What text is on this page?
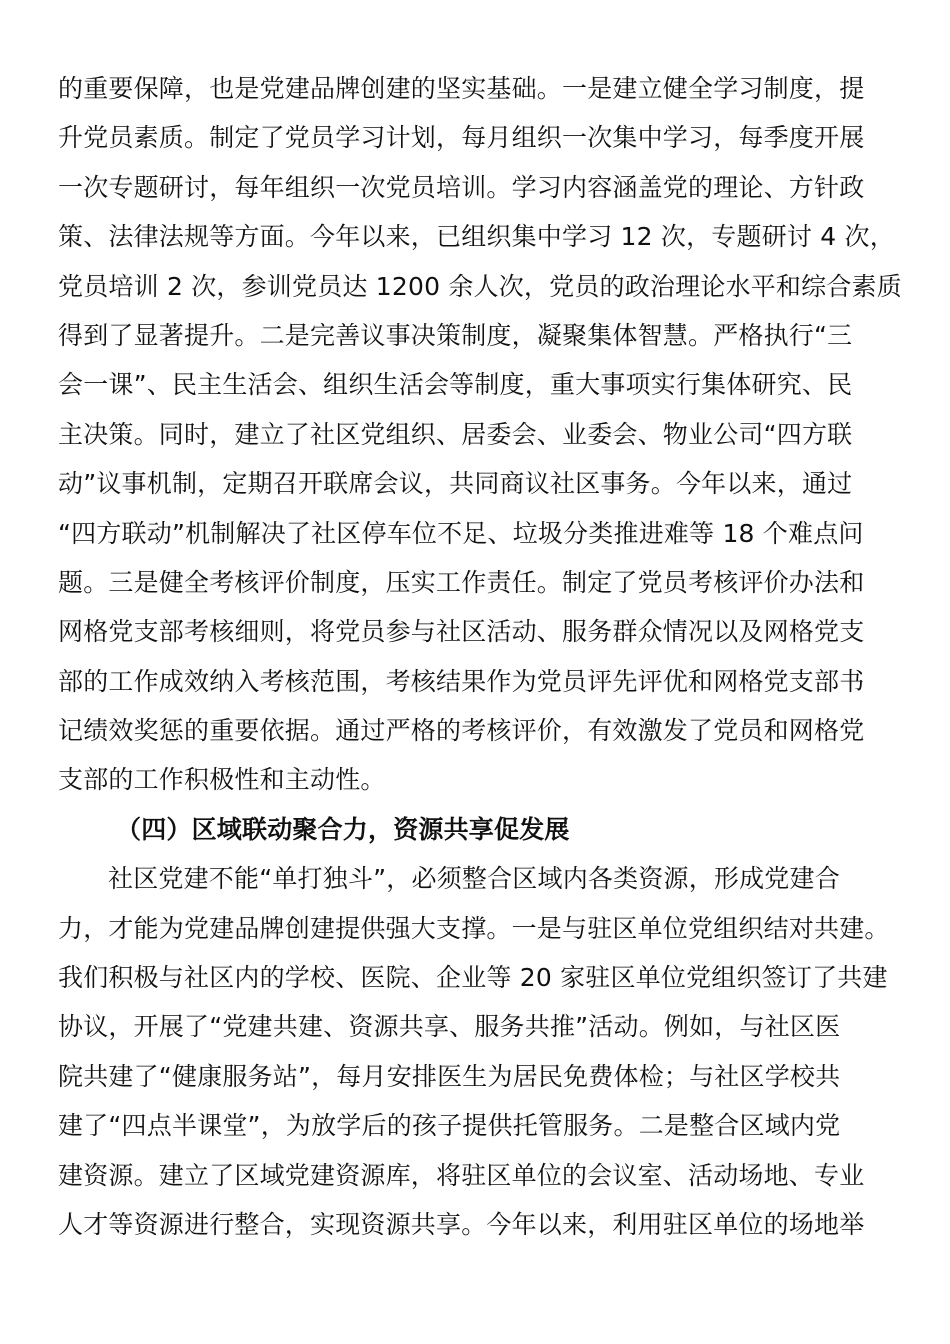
的重要保障，也是党建品牌创建的坚实基础。一是建立健全学习制度，提
升党员素质。制定了党员学习计划，每月组织一次集中学习，每季度开展
一次专题研讨，每年组织一次党员培训。学习内容涵盖党的理论、方针政
策、法律法规等方面。今年以来，已组织集中学习 12 次，专题研讨 4 次，
党员培训 2 次，参训党员达 1200 余人次，党员的政治理论水平和综合素质
得到了显著提升。二是完善议事决策制度，凝聚集体智慧。严格执行“三
会一课”、民主生活会、组织生活会等制度，重大事项实行集体研究、民
主决策。同时，建立了社区党组织、居委会、业委会、物业公司“四方联
动”议事机制，定期召开联席会议，共同商议社区事务。今年以来，通过
“四方联动”机制解决了社区停车位不足、垃圾分类推进难等 18 个难点问
题。三是健全考核评价制度，压实工作责任。制定了党员考核评价办法和
网格党支部考核细则，将党员参与社区活动、服务群众情况以及网格党支
部的工作成效纳入考核范围，考核结果作为党员评先评优和网格党支部书
记绩效奖惩的重要依据。通过严格的考核评价，有效激发了党员和网格党
支部的工作积极性和主动性。
（四）区域联动聚合力，资源共享促发展
社区党建不能“单打独斗”，必须整合区域内各类资源，形成党建合
力，才能为党建品牌创建提供强大支撑。一是与驻区单位党组织结对共建。
我们积极与社区内的学校、医院、企业等 20 家驻区单位党组织签订了共建
协议，开展了“党建共建、资源共享、服务共推”活动。例如，与社区医
院共建了“健康服务站”，每月安排医生为居民免费体检；与社区学校共
建了“四点半课堂”，为放学后的孩子提供托管服务。二是整合区域内党
建资源。建立了区域党建资源库，将驻区单位的会议室、活动场地、专业
人才等资源进行整合，实现资源共享。今年以来，利用驻区单位的场地举
